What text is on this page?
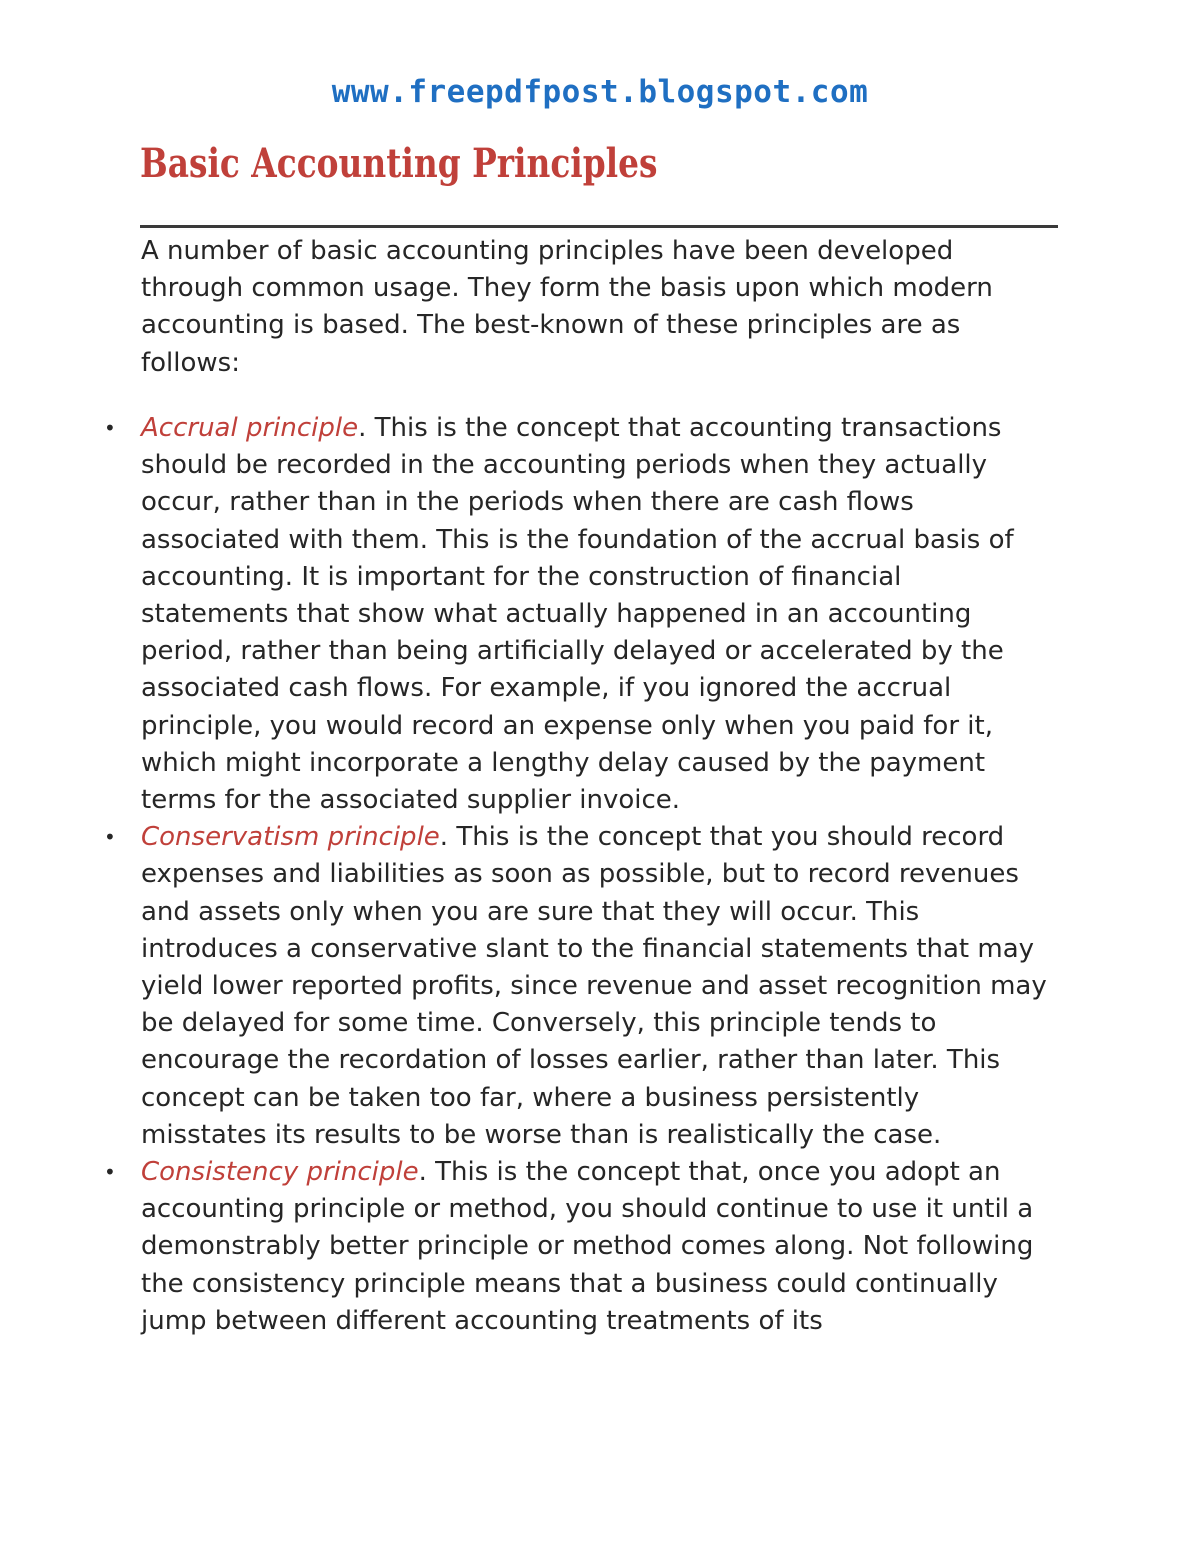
www.freepdfpost.blogspot.com
Basic Accounting Principles

A number of basic accounting principles have been developed through common usage. They form the basis upon which modern accounting is based. The best-known of these principles are as follows:

• Accrual principle. This is the concept that accounting transactions should be recorded in the accounting periods when they actually occur, rather than in the periods when there are cash flows associated with them. This is the foundation of the accrual basis of accounting. It is important for the construction of financial statements that show what actually happened in an accounting period, rather than being artificially delayed or accelerated by the associated cash flows. For example, if you ignored the accrual principle, you would record an expense only when you paid for it, which might incorporate a lengthy delay caused by the payment terms for the associated supplier invoice.
• Conservatism principle. This is the concept that you should record expenses and liabilities as soon as possible, but to record revenues and assets only when you are sure that they will occur. This introduces a conservative slant to the financial statements that may yield lower reported profits, since revenue and asset recognition may be delayed for some time. Conversely, this principle tends to encourage the recordation of losses earlier, rather than later. This concept can be taken too far, where a business persistently misstates its results to be worse than is realistically the case.
• Consistency principle. This is the concept that, once you adopt an accounting principle or method, you should continue to use it until a demonstrably better principle or method comes along. Not following the consistency principle means that a business could continually jump between different accounting treatments of its
